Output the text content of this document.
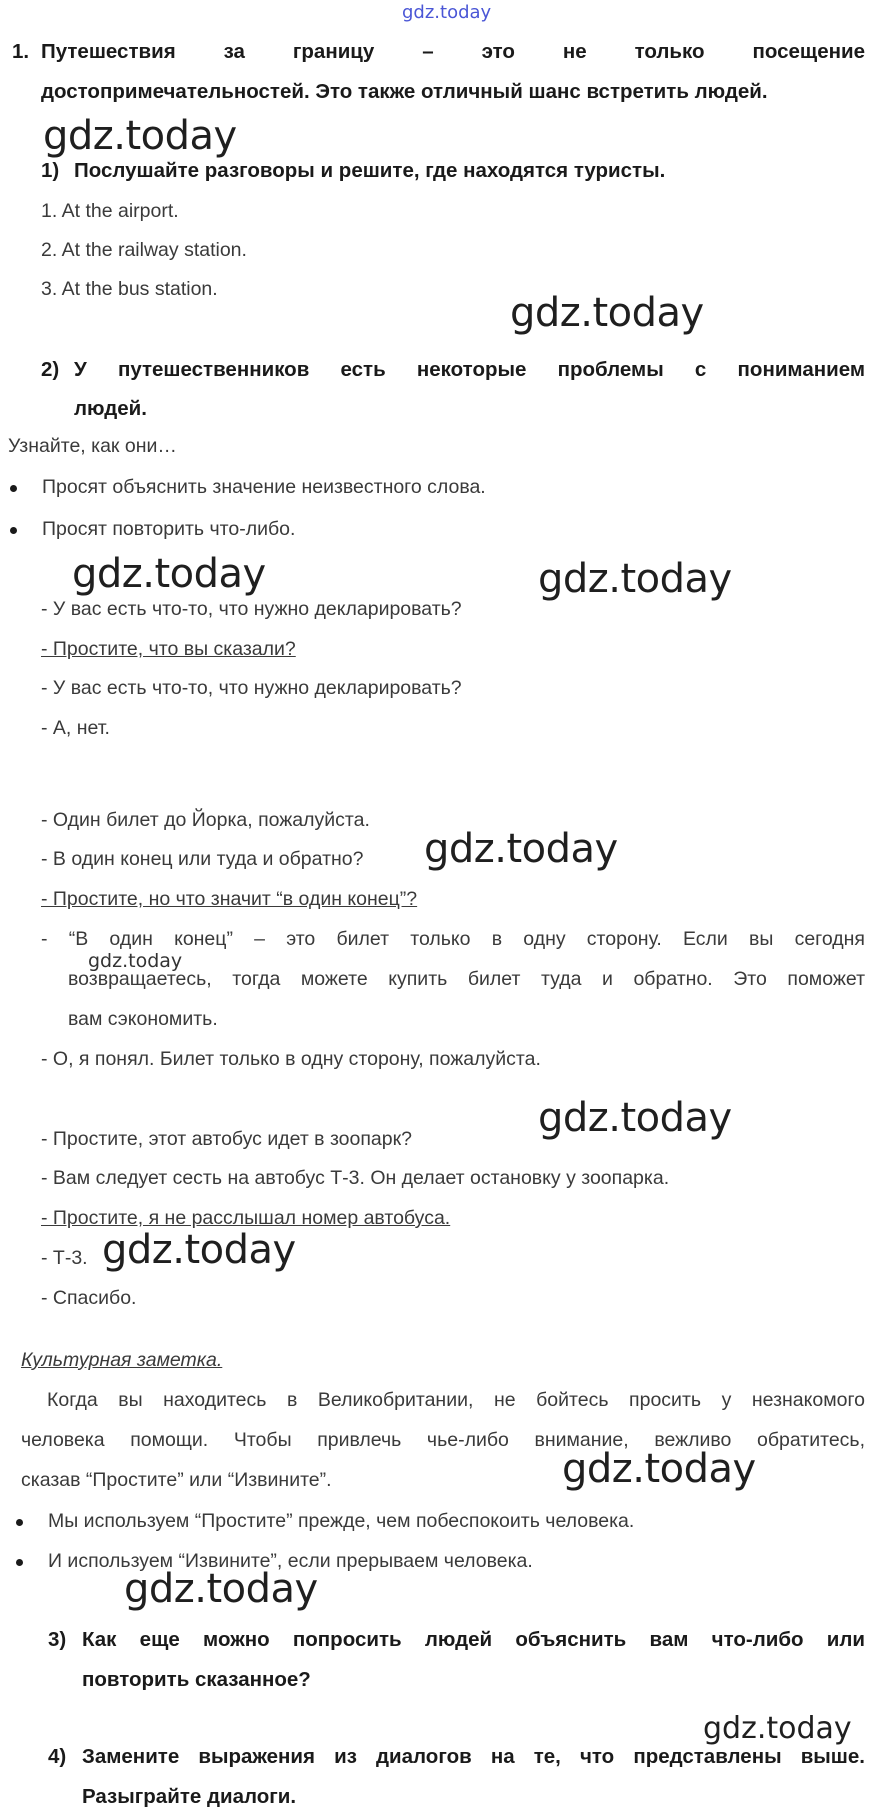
gdz.today
1. Путешествия за границу – это не только посещение
достопримечательностей. Это также отличный шанс встретить людей.
gdz.today
1) Послушайте разговоры и решите, где находятся туристы.
1. At the airport.
2. At the railway station.
3. At the bus station.
gdz.today
2) У путешественников есть некоторые проблемы с пониманием
людей.
Узнайте, как они…
Просят объяснить значение неизвестного слова.
Просят повторить что-либо.
gdz.today	gdz.today
- У вас есть что-то, что нужно декларировать?
- Простите, что вы сказали?
- У вас есть что-то, что нужно декларировать?
- А, нет.
- Один билет до Йорка, пожалуйста.
- В один конец или туда и обратно? gdz.today
- Простите, но что значит “в один конец”?
- “В один конец” – это билет только в одну сторону. Если вы сегодня
gdz.today
возвращаетесь, тогда можете купить билет туда и обратно. Это поможет
вам сэкономить.
- О, я понял. Билет только в одну сторону, пожалуйста.
- Простите, этот автобус идет в зоопарк?	gdz.today
- Вам следует сесть на автобус Т-3. Он делает остановку у зоопарка.
- Простите, я не расслышал номер автобуса.
- Т-3. gdz.today
- Спасибо.
Культурная заметка.
Когда вы находитесь в Великобритании, не бойтесь просить у незнакомого
человека помощи. Чтобы привлечь чье-либо внимание, вежливо обратитесь,
сказав “Простите” или “Извините”.	gdz.today
Мы используем “Простите” прежде, чем побеспокоить человека.
И используем “Извините”, если прерываем человека.
gdz.today
3) Как еще можно попросить людей объяснить вам что-либо или
повторить сказанное?
gdz.today
4) Замените выражения из диалогов на те, что представлены выше.
Разыграйте диалоги.
